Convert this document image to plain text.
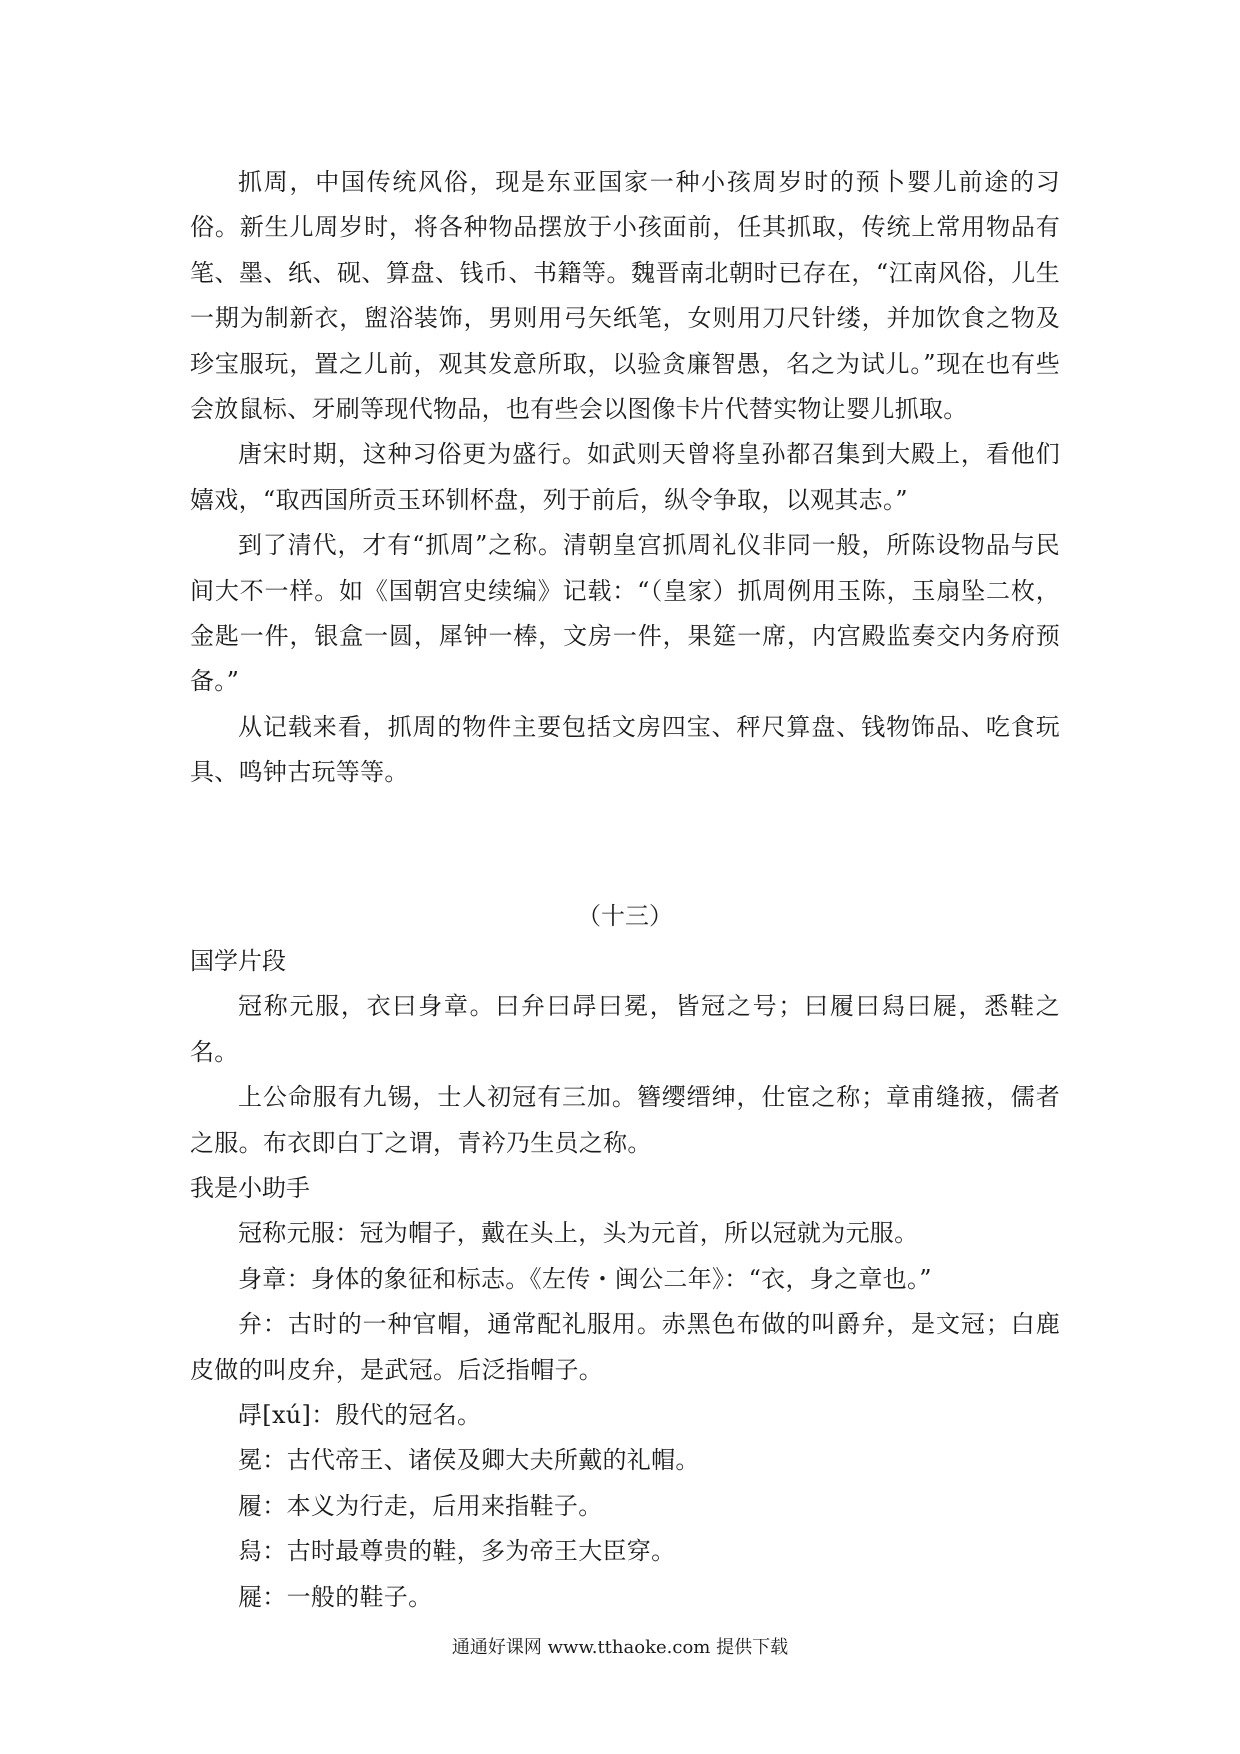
抓周，中国传统风俗，现是东亚国家一种小孩周岁时的预卜婴儿前途的习俗。新生儿周岁时，将各种物品摆放于小孩面前，任其抓取，传统上常用物品有笔、墨、纸、砚、算盘、钱币、书籍等。魏晋南北朝时已存在，“江南风俗，儿生一期为制新衣，盥浴装饰，男则用弓矢纸笔，女则用刀尺针缕，并加饮食之物及珍宝服玩，置之儿前，观其发意所取，以验贪廉智愚，名之为试儿。”现在也有些会放鼠标、牙刷等现代物品，也有些会以图像卡片代替实物让婴儿抓取。

唐宋时期，这种习俗更为盛行。如武则天曾将皇孙都召集到大殿上，看他们嬉戏，“取西国所贡玉环钏杯盘，列于前后，纵令争取，以观其志。”

到了清代，才有“抓周”之称。清朝皇宫抓周礼仪非同一般，所陈设物品与民间大不一样。如《国朝宫史续编》记载：“（皇家）抓周例用玉陈，玉扇坠二枚，金匙一件，银盒一圆，犀钟一棒，文房一件，果筵一席，内宫殿监奏交内务府预备。”

从记载来看，抓周的物件主要包括文房四宝、秤尺算盘、钱物饰品、吃食玩具、鸣钟古玩等等。

（十三）

国学片段

冠称元服，衣曰身章。曰弁曰冔曰冕，皆冠之号；曰履曰舄曰屣，悉鞋之名。

上公命服有九锡，士人初冠有三加。簪缨缙绅，仕宦之称；章甫缝掖，儒者之服。布衣即白丁之谓，青衿乃生员之称。

我是小助手

冠称元服：冠为帽子，戴在头上，头为元首，所以冠就为元服。

身章：身体的象征和标志。《左传・闽公二年》：“衣，身之章也。”

弁：古时的一种官帽，通常配礼服用。赤黑色布做的叫爵弁，是文冠；白鹿皮做的叫皮弁，是武冠。后泛指帽子。

冔[xú]：殷代的冠名。

冕：古代帝王、诸侯及卿大夫所戴的礼帽。

履：本义为行走，后用来指鞋子。

舄：古时最尊贵的鞋，多为帝王大臣穿。

屣：一般的鞋子。

通通好课网 www.tthaoke.com 提供下载
